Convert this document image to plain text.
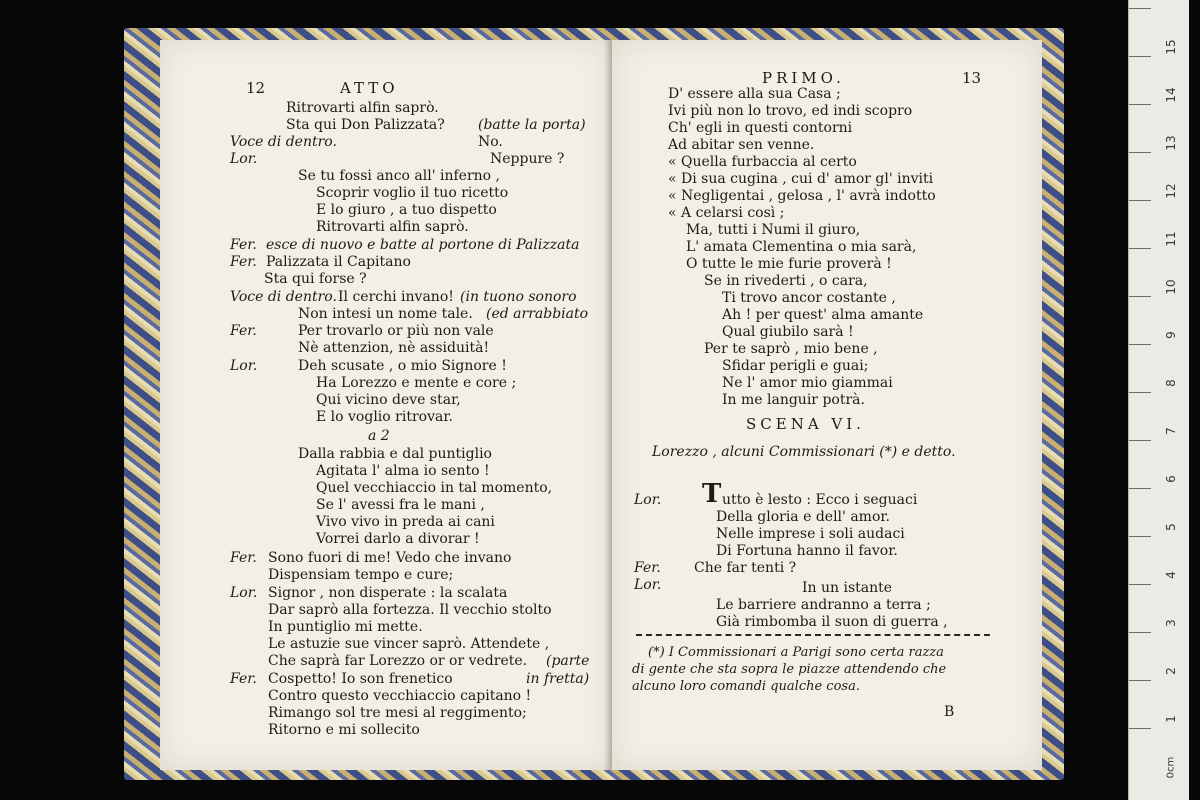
12	ATTO
Ritrovarti alfin saprò.
Sta qui Don Palizzata? (batte la porta)
Voce di dentro.	No.
Lor.	Neppure ?
Se tu fossi anco all' inferno ,
Scoprir voglio il tuo ricetto
E lo giuro , a tuo dispetto
Ritrovarti alfin saprò.
Fer. esce di nuovo e batte al portone di Palizzata
Fer. Palizzata il Capitano
Sta qui forse ?
Voce di dentro. Il cerchi invano! (in tuono sonoro
Non intesi un nome tale. (ed arrabbiato
Fer.	Per trovarlo or più non vale
Nè attenzion, nè assiduità!
Lor.	Deh scusate , o mio Signore !
Ha Lorezzo e mente e core ;
Qui vicino deve star,
E lo voglio ritrovar.
a 2
Dalla rabbia e dal puntiglio
Agitata l' alma io sento !
Quel vecchiaccio in tal momento,
Se l' avessi fra le mani ,
Vivo vivo in preda ai cani
Vorrei darlo a divorar !
Fer. Sono fuori di me! Vedo che invano
Dispensiam tempo e cure;
Lor. Signor , non disperate : la scalata
Dar saprò alla fortezza. Il vecchio stolto
In puntiglio mi mette.
Le astuzie sue vincer saprò. Attendete ,
Che saprà far Lorezzo or or vedrete. (parte
Fer. Cospetto! Io son frenetico	in fretta)
Contro questo vecchiaccio capitano !
Rimango sol tre mesi al reggimento;
Ritorno e mi sollecito
PRIMO.	13
D' essere alla sua Casa ;
Ivi più non lo trovo, ed indi scopro
Ch' egli in questi contorni
Ad abitar sen venne.
« Quella furbaccia al certo
« Di sua cugina , cui d' amor gl' inviti
« Negligentai , gelosa , l' avrà indotto
« A celarsi così ;
Ma, tutti i Numi il giuro,
L' amata Clementina o mia sarà,
O tutte le mie furie proverà !
Se in rivederti , o cara,
Ti trovo ancor costante ,
Ah ! per quest' alma amante
Qual giubilo sarà !
Per te saprò , mio bene ,
Sfidar perigli e guai;
Ne l' amor mio giammai
In me languir potrà.
SCENA VI.
Lorezzo , alcuni Commissionari (*) e detto.
Lor. T utto è lesto : Ecco i seguaci
Della gloria e dell' amor.
Nelle imprese i soli audaci
Di Fortuna hanno il favor.
Fer. Che far tenti ?
Lor.	In un istante
Le barriere andranno a terra ;
Già rimbomba il suon di guerra ,
(*) I Commissionari a Parigi sono certa razza
di gente che sta sopra le piazze attendendo che
alcuno loro comandi qualche cosa.
B
15
14
13
12
11
10
9
8
7
6
5
4
3
2
1
0cm
